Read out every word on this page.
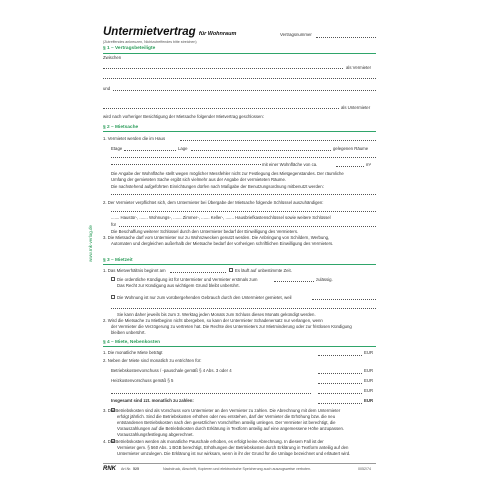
Untermietvertrag für Wohnraum
(Zutreffendes ankreuzen, Nichtzutreffendes bitte streichen)
Vertragsnummer
§ 1 – Vertragsbeteiligte
Zwischen
als Vermieter
und
als Untermieter
wird nach vorheriger Besichtigung der Mietsache folgender Mietvertrag geschlossen:
§ 2 – Mietsache
1. Vermietet werden die im Haus
Etage	Lage	gelegenen Räume
mit einer Wohnfläche von ca.	m²
Die Angabe der Wohnfläche stellt wegen möglicher Messfehler nicht zur Festlegung des Mietgegenstandes. Der räumliche
Umfang der gemieteten Sache ergibt sich vielmehr aus der Angabe der vermieteten Räume.
Die nachstehend aufgeführten Einrichtungen dürfen nach Maßgabe der Benutzungsordnung mitbenutzt werden:
2. Der Vermieter verpflichtet sich, dem Untermieter bei Übergabe der Mietsache folgende Schlüssel auszuhändigen:
....... Haustür-, ....... Wohnungs-, ....... Zimmer-, ....... Keller-, ....... Hausbriefkastenschlüssel sowie weitere Schlüssel
für
Die Beschaffung weiterer Schlüssel durch den Untermieter bedarf der Einwilligung des Vermieters.
3. Die Mietsache darf vom Untermieter nur zu Wohnzwecken genutzt werden. Die Anbringung von Schildern, Werbung,
Automaten und dergleichen außerhalb der Mietsache bedarf der vorherigen schriftlichen Einwilligung des Vermieters.
§ 3 – Mietzeit
1. Das Mietverhältnis beginnt am	Es läuft auf unbestimmte Zeit.
Die ordentliche Kündigung ist für Untermieter und Vermieter erstmals zum	zulässig.
Das Recht zur Kündigung aus wichtigem Grund bleibt unberührt.
Die Wohnung ist nur zum vorübergehenden Gebrauch durch den Untermieter gemietet, weil
Sie kann daher jeweils bis zum 3. Werktag jeden Monats zum Schluss dieses Monats gekündigt werden.
2. Wird die Mietsache zu Mietbeginn nicht übergeben, so kann der Untermieter Schadenersatz nur verlangen, wenn
der Vermieter die Verzögerung zu vertreten hat. Die Rechte des Untermieters zur Mietminderung oder zur fristlosen Kündigung
bleiben unberührt.
§ 4 – Miete, Nebenkosten
1. Die monatliche Miete beträgt	EUR
2. Neben der Miete sind monatlich zu entrichten für:
Betriebskostenvorschuss / -pauschale gemäß § 4 Abs. 3 oder 4	EUR
Heizkostenvorschuss gemäß § 5	EUR
EUR
Insgesamt sind zzt. monatlich zu zahlen:	EUR
3. Die Betriebskosten sind als Vorschuss vom Untermieter an den Vermieter zu zahlen. Die Abrechnung mit dem Untermieter
erfolgt jährlich. Sind die Betriebskosten erhöhen oder neu entstehen, darf der Vermieter die Erhöhung bzw. die neu
entstandenen Betriebskosten nach den gesetzlichen Vorschriften anteilig umlegen. Der Vermieter ist berechtigt, die
Vorauszahlungen auf die Betriebskosten durch Erklärung in Textform anteilig auf eine angemessene Höhe anzupassen.
Vorauszahlungsfestlegung abgerechnet.
4. Die Betriebskosten werden als monatliche Pauschale erhoben, es erfolgt keine Abrechnung. In diesem Fall ist der
Vermieter gem. § 560 Abs. 1 BGB berechtigt, Erhöhungen der Betriebskosten durch Erklärung in Textform anteilig auf den
Untermieter umzulegen. Die Erklärung ist nur wirksam, wenn in ihr der Grund für die Umlage bezeichnet und erläutert wird.
www.rnk-verlag.de
RNK Art.Nr. 525	Nachdruck, Abschrift, Kopieren und elektronische Speicherung auch auszugsweise verboten.	0052/74
